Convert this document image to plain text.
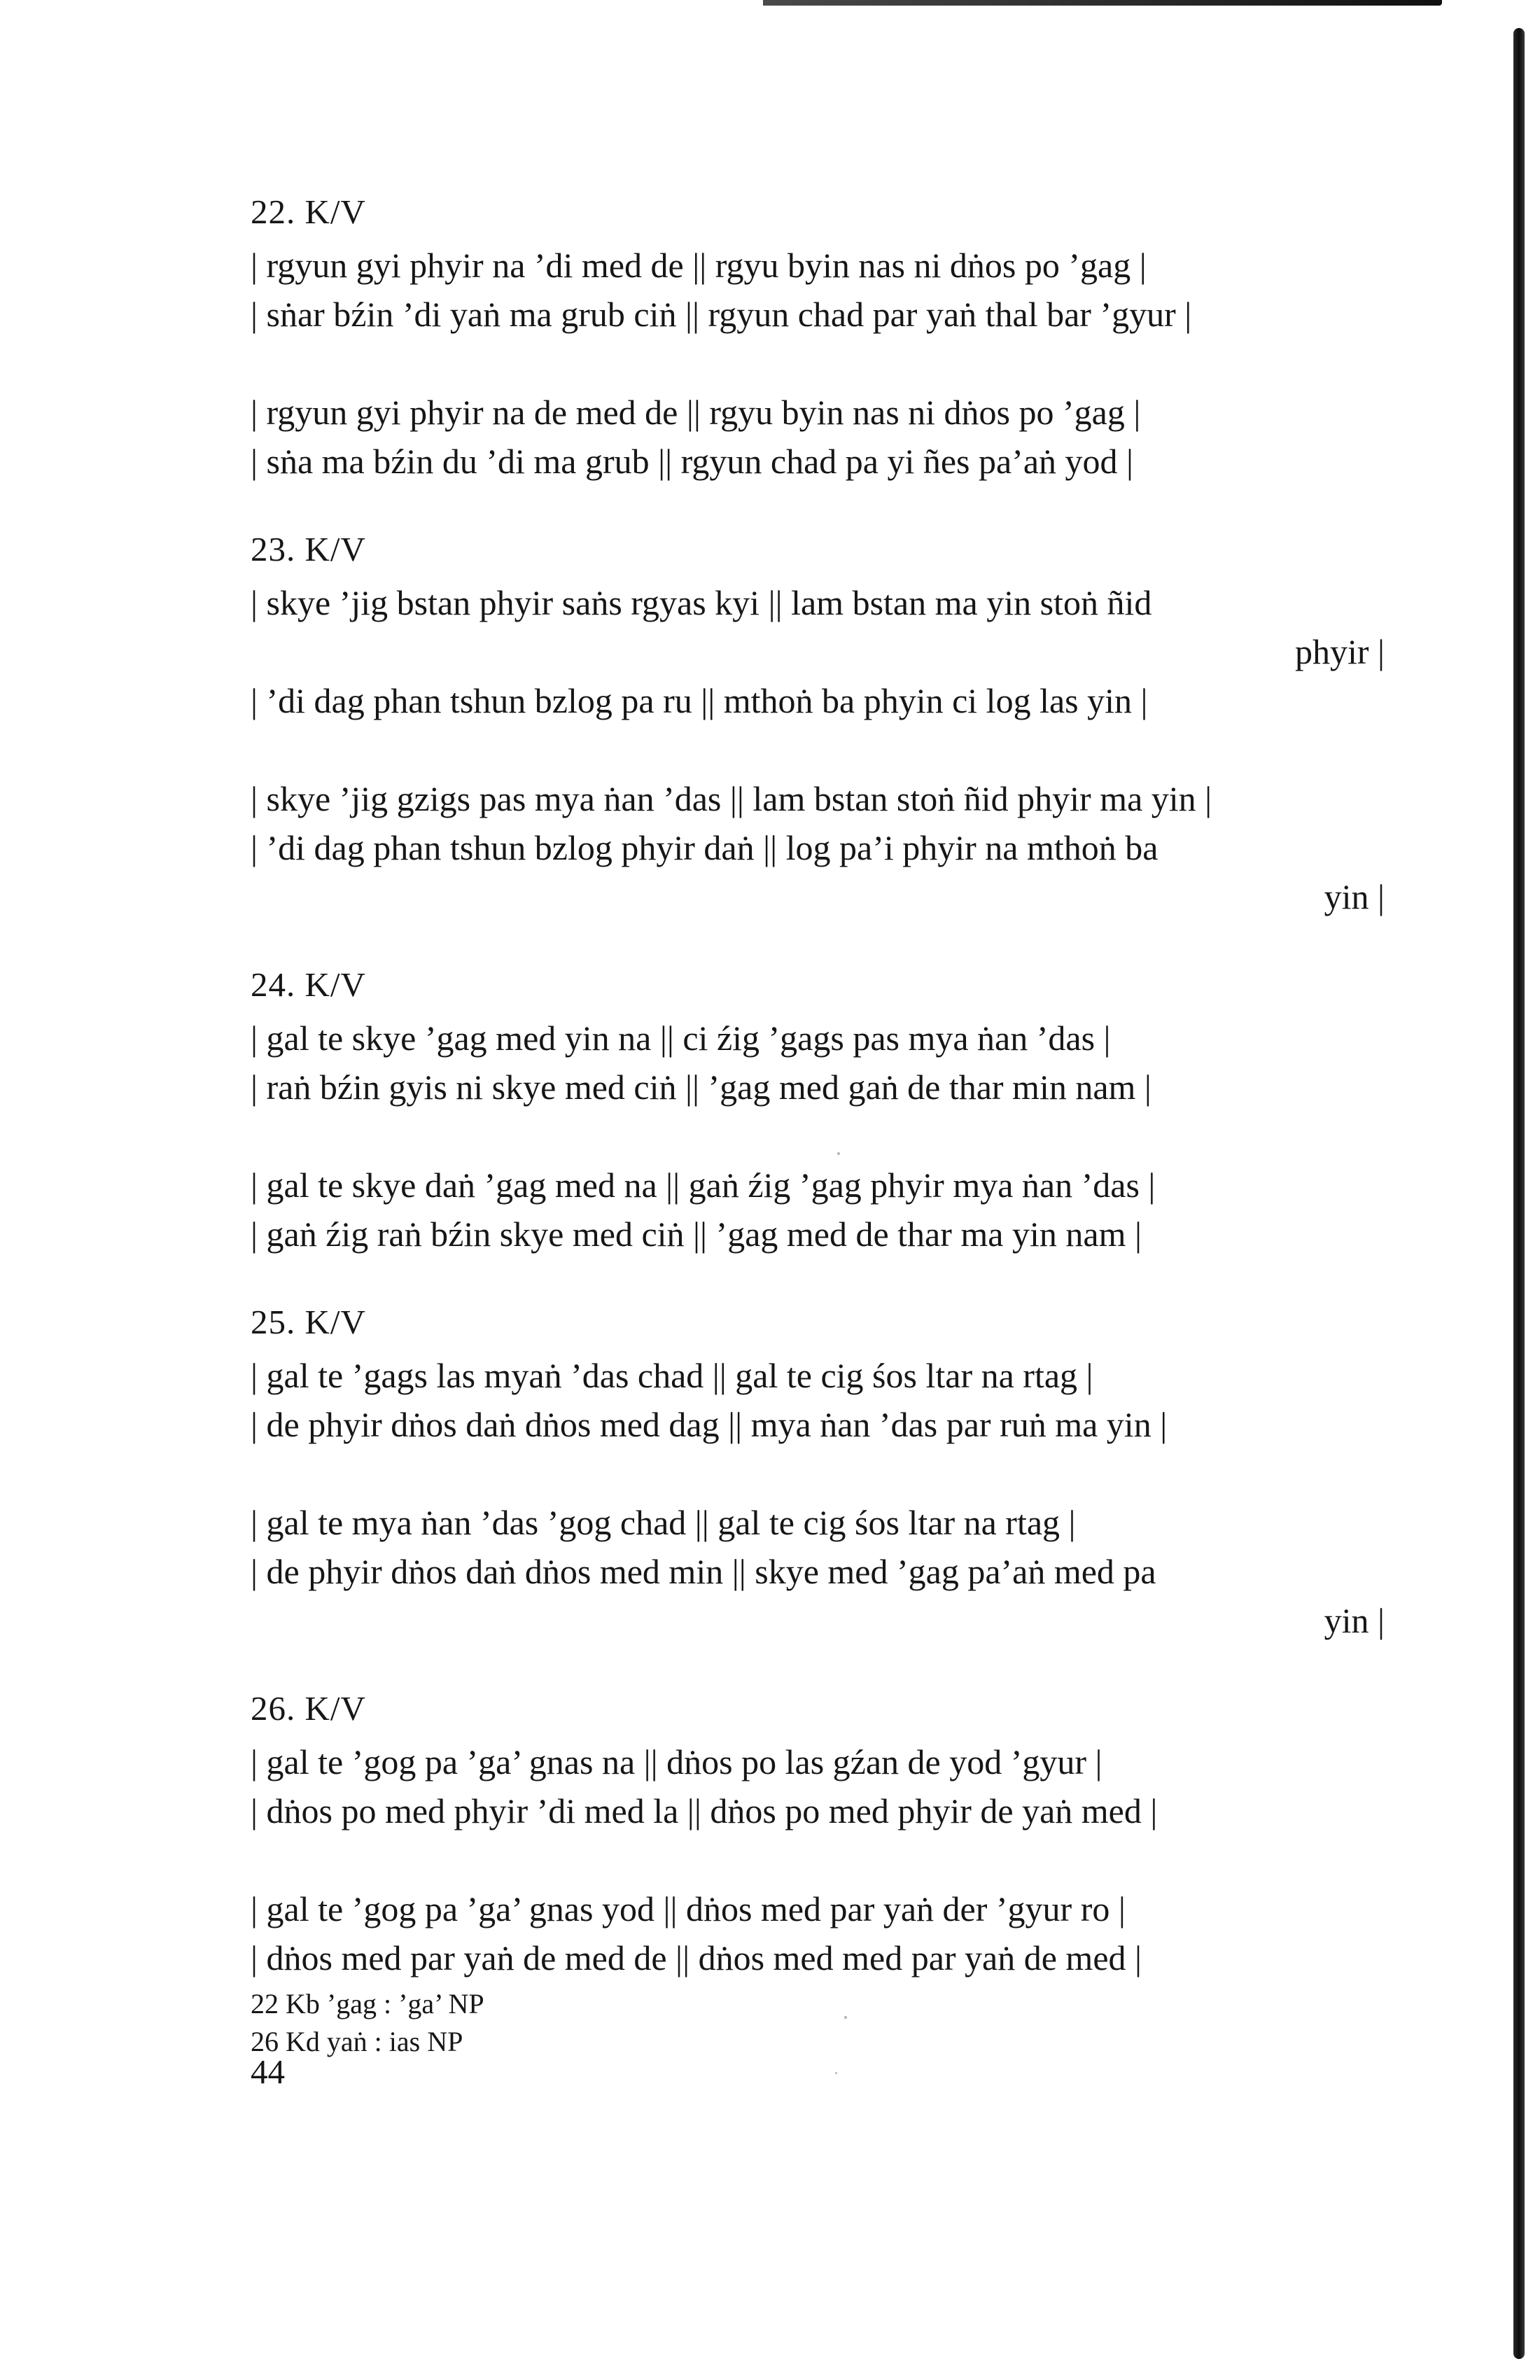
22. K/V
| rgyun gyi phyir na ’di med de || rgyu byin nas ni dṅos po ’gag |
| sṅar bźin ’di yaṅ ma grub ciṅ || rgyun chad par yaṅ thal bar ’gyur |
| rgyun gyi phyir na de med de || rgyu byin nas ni dṅos po ’gag |
| sṅa ma bźin du ’di ma grub || rgyun chad pa yi ñes pa’aṅ yod |
23. K/V
| skye ’jig bstan phyir saṅs rgyas kyi || lam bstan ma yin stoṅ ñid
phyir |
| ’di dag phan tshun bzlog pa ru || mthoṅ ba phyin ci log las yin |
| skye ’jig gzigs pas mya ṅan ’das || lam bstan stoṅ ñid phyir ma yin |
| ’di dag phan tshun bzlog phyir daṅ || log pa’i phyir na mthoṅ ba
yin |
24. K/V
| gal te skye ’gag med yin na || ci źig ’gags pas mya ṅan ’das |
| raṅ bźin gyis ni skye med ciṅ || ’gag med gaṅ de thar min nam |
| gal te skye daṅ ’gag med na || gaṅ źig ’gag phyir mya ṅan ’das |
| gaṅ źig raṅ bźin skye med ciṅ || ’gag med de thar ma yin nam |
25. K/V
| gal te ’gags las myaṅ ’das chad || gal te cig śos ltar na rtag |
| de phyir dṅos daṅ dṅos med dag || mya ṅan ’das par ruṅ ma yin |
| gal te mya ṅan ’das ’gog chad || gal te cig śos ltar na rtag |
| de phyir dṅos daṅ dṅos med min || skye med ’gag pa’aṅ med pa
yin |
26. K/V
| gal te ’gog pa ’ga’ gnas na || dṅos po las gźan de yod ’gyur |
| dṅos po med phyir ’di med la || dṅos po med phyir de yaṅ med |
| gal te ’gog pa ’ga’ gnas yod || dṅos med par yaṅ der ’gyur ro |
| dṅos med par yaṅ de med de || dṅos med med par yaṅ de med |
22 Kb ’gag : ’ga’ NP
26 Kd yaṅ : ias NP
44
